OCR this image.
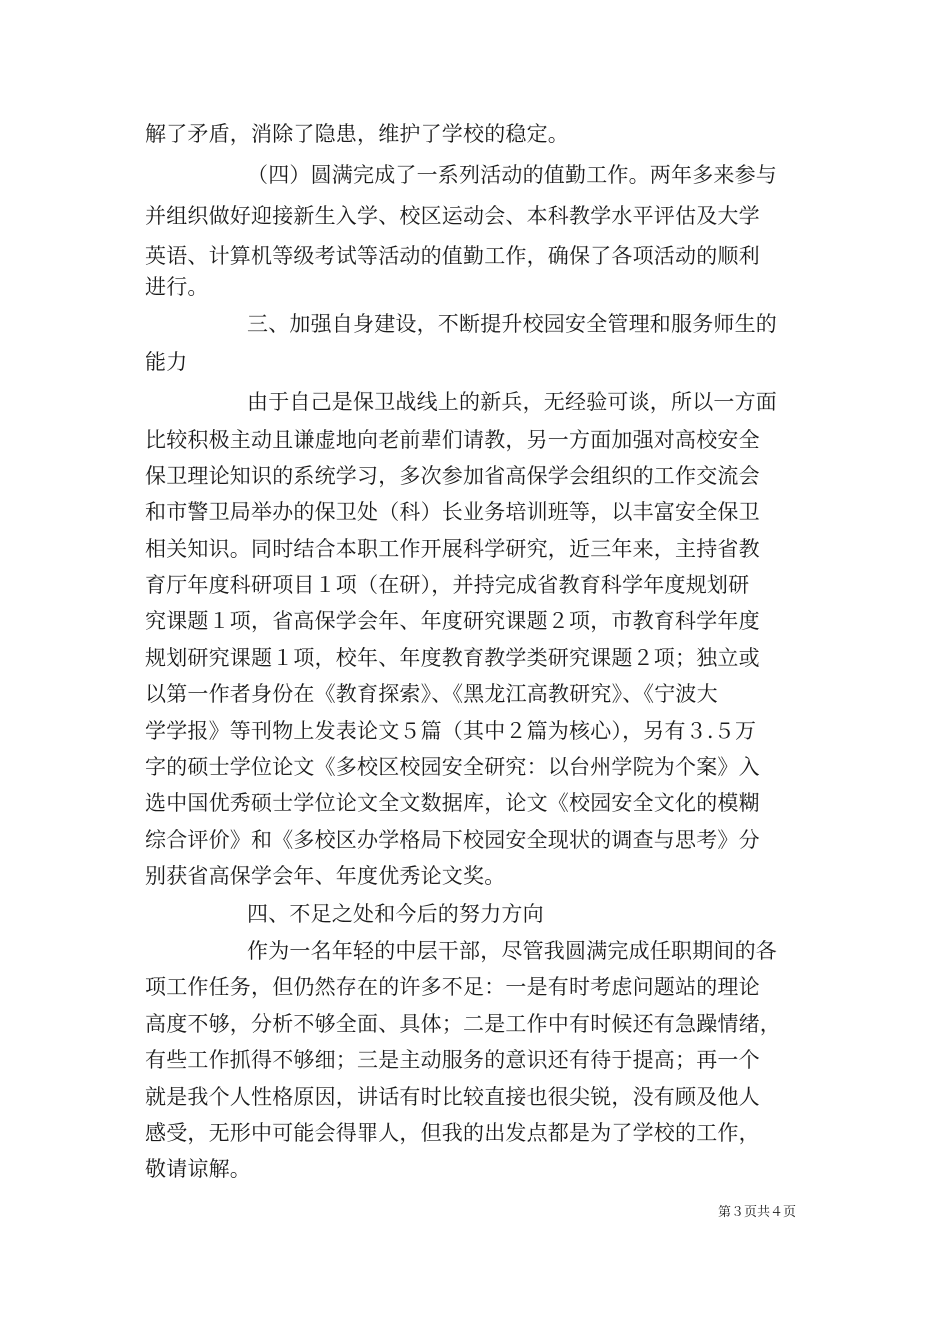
解了矛盾，消除了隐患，维护了学校的稳定。
（四）圆满完成了一系列活动的值勤工作。两年多来参与
并组织做好迎接新生入学、校区运动会、本科教学水平评估及大学
英语、计算机等级考试等活动的值勤工作，确保了各项活动的顺利
进行。
三、加强自身建设，不断提升校园安全管理和服务师生的
能力
由于自己是保卫战线上的新兵，无经验可谈，所以一方面
比较积极主动且谦虚地向老前辈们请教，另一方面加强对高校安全
保卫理论知识的系统学习，多次参加省高保学会组织的工作交流会
和市警卫局举办的保卫处（科）长业务培训班等，以丰富安全保卫
相关知识。同时结合本职工作开展科学研究，近三年来，主持省教
育厅年度科研项目１项（在研），并持完成省教育科学年度规划研
究课题１项，省高保学会年、年度研究课题２项，市教育科学年度
规划研究课题１项，校年、年度教育教学类研究课题２项；独立或
以第一作者身份在《教育探索》、《黑龙江高教研究》、《宁波大
学学报》等刊物上发表论文５篇（其中２篇为核心），另有３.５万
字的硕士学位论文《多校区校园安全研究：以台州学院为个案》入
选中国优秀硕士学位论文全文数据库，论文《校园安全文化的模糊
综合评价》和《多校区办学格局下校园安全现状的调查与思考》分
别获省高保学会年、年度优秀论文奖。
四、不足之处和今后的努力方向
作为一名年轻的中层干部，尽管我圆满完成任职期间的各
项工作任务，但仍然存在的许多不足：一是有时考虑问题站的理论
高度不够，分析不够全面、具体；二是工作中有时候还有急躁情绪，
有些工作抓得不够细；三是主动服务的意识还有待于提高；再一个
就是我个人性格原因，讲话有时比较直接也很尖锐，没有顾及他人
感受，无形中可能会得罪人，但我的出发点都是为了学校的工作，
敬请谅解。
第３页共４页
